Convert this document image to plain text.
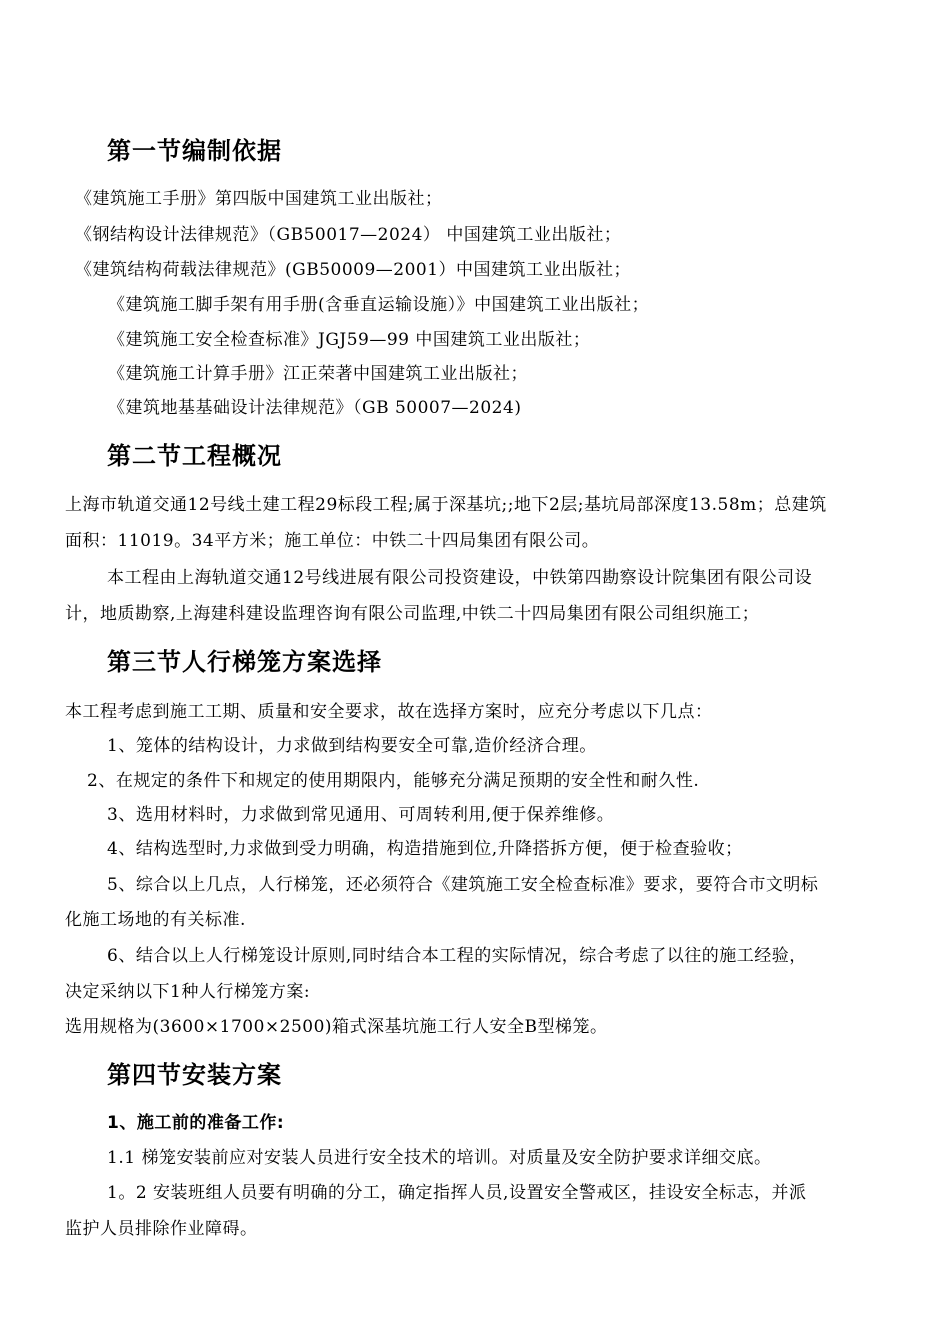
第一节编制依据
《建筑施工手册》第四版中国建筑工业出版社；
《钢结构设计法律规范》（GB50017—2024） 中国建筑工业出版社；
《建筑结构荷载法律规范》(GB50009—2001）中国建筑工业出版社；
《建筑施工脚手架有用手册(含垂直运输设施）》中国建筑工业出版社；
《建筑施工安全检查标准》JGJ59—99 中国建筑工业出版社；
《建筑施工计算手册》江正荣著中国建筑工业出版社；
《建筑地基基础设计法律规范》（GB 50007—2024)
第二节工程概况
上海市轨道交通12号线土建工程29标段工程;属于深基坑;;地下2层;基坑局部深度13.58m；总建筑
面积：11019。34平方米；施工单位：中铁二十四局集团有限公司。
本工程由上海轨道交通12号线进展有限公司投资建设，中铁第四勘察设计院集团有限公司设
计，地质勘察,上海建科建设监理咨询有限公司监理,中铁二十四局集团有限公司组织施工；
第三节人行梯笼方案选择
本工程考虑到施工工期、质量和安全要求，故在选择方案时，应充分考虑以下几点：
1、笼体的结构设计，力求做到结构要安全可靠,造价经济合理。
2、在规定的条件下和规定的使用期限内，能够充分满足预期的安全性和耐久性.
3、选用材料时，力求做到常见通用、可周转利用,便于保养维修。
4、结构选型时,力求做到受力明确，构造措施到位,升降搭拆方便，便于检查验收；
5、综合以上几点，人行梯笼，还必须符合《建筑施工安全检查标准》要求，要符合市文明标
化施工场地的有关标准.
6、结合以上人行梯笼设计原则,同时结合本工程的实际情况，综合考虑了以往的施工经验，
决定采纳以下1种人行梯笼方案:
选用规格为(3600×1700×2500)箱式深基坑施工行人安全B型梯笼。
第四节安装方案
1、施工前的准备工作:
1.1 梯笼安装前应对安装人员进行安全技术的培训。对质量及安全防护要求详细交底。
1。2 安装班组人员要有明确的分工，确定指挥人员,设置安全警戒区，挂设安全标志，并派
监护人员排除作业障碍。
